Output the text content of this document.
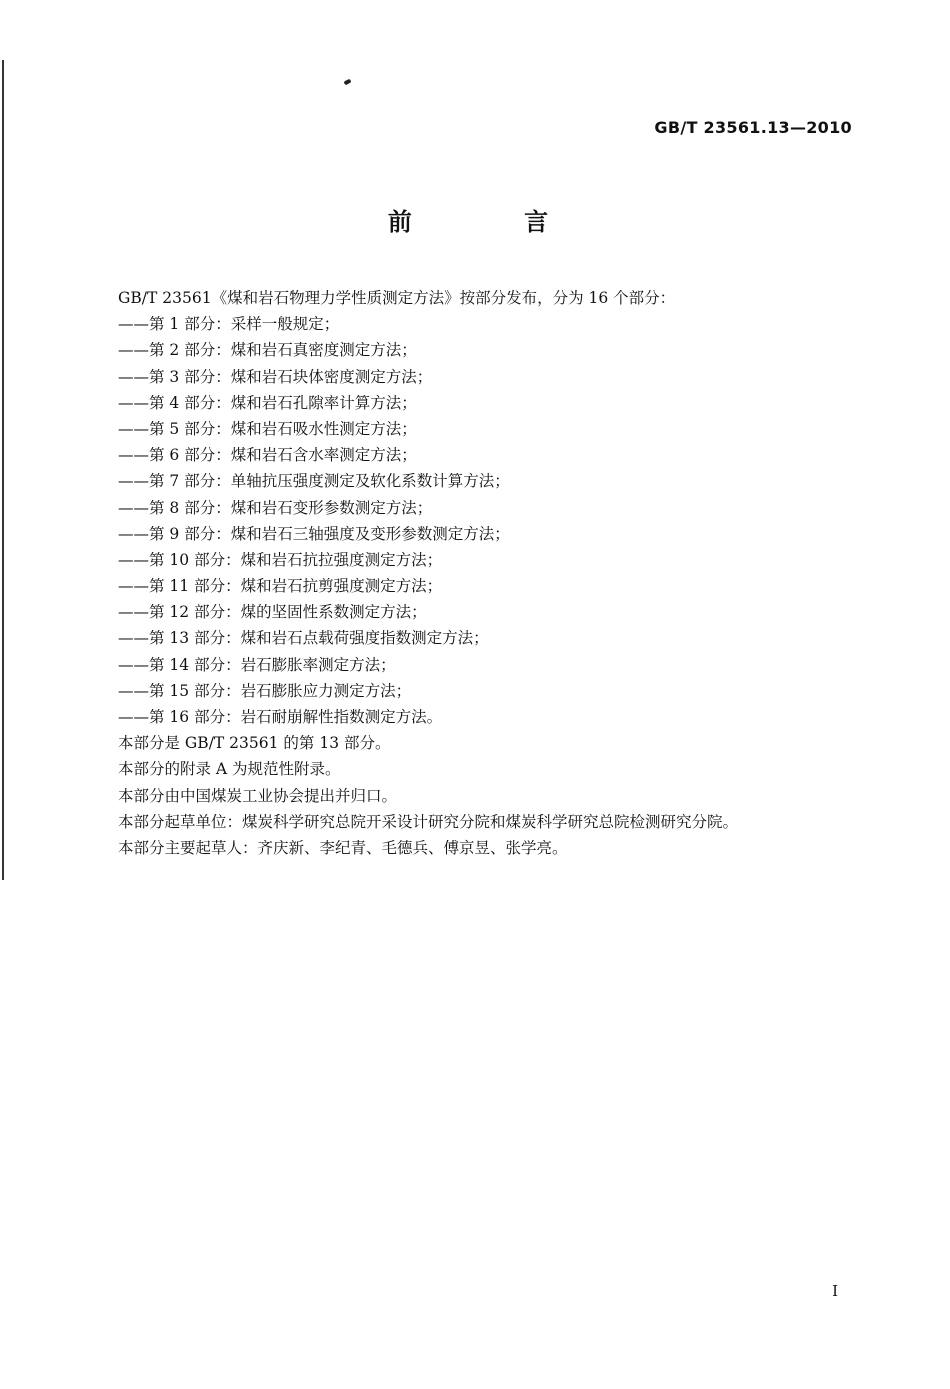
GB/T 23561.13—2010
前 言
GB/T 23561《煤和岩石物理力学性质测定方法》按部分发布，分为 16 个部分：
——第 1 部分：采样一般规定；
——第 2 部分：煤和岩石真密度测定方法；
——第 3 部分：煤和岩石块体密度测定方法；
——第 4 部分：煤和岩石孔隙率计算方法；
——第 5 部分：煤和岩石吸水性测定方法；
——第 6 部分：煤和岩石含水率测定方法；
——第 7 部分：单轴抗压强度测定及软化系数计算方法；
——第 8 部分：煤和岩石变形参数测定方法；
——第 9 部分：煤和岩石三轴强度及变形参数测定方法；
——第 10 部分：煤和岩石抗拉强度测定方法；
——第 11 部分：煤和岩石抗剪强度测定方法；
——第 12 部分：煤的坚固性系数测定方法；
——第 13 部分：煤和岩石点载荷强度指数测定方法；
——第 14 部分：岩石膨胀率测定方法；
——第 15 部分：岩石膨胀应力测定方法；
——第 16 部分：岩石耐崩解性指数测定方法。
本部分是 GB/T 23561 的第 13 部分。
本部分的附录 A 为规范性附录。
本部分由中国煤炭工业协会提出并归口。
本部分起草单位：煤炭科学研究总院开采设计研究分院和煤炭科学研究总院检测研究分院。
本部分主要起草人：齐庆新、李纪青、毛德兵、傅京昱、张学亮。
I
